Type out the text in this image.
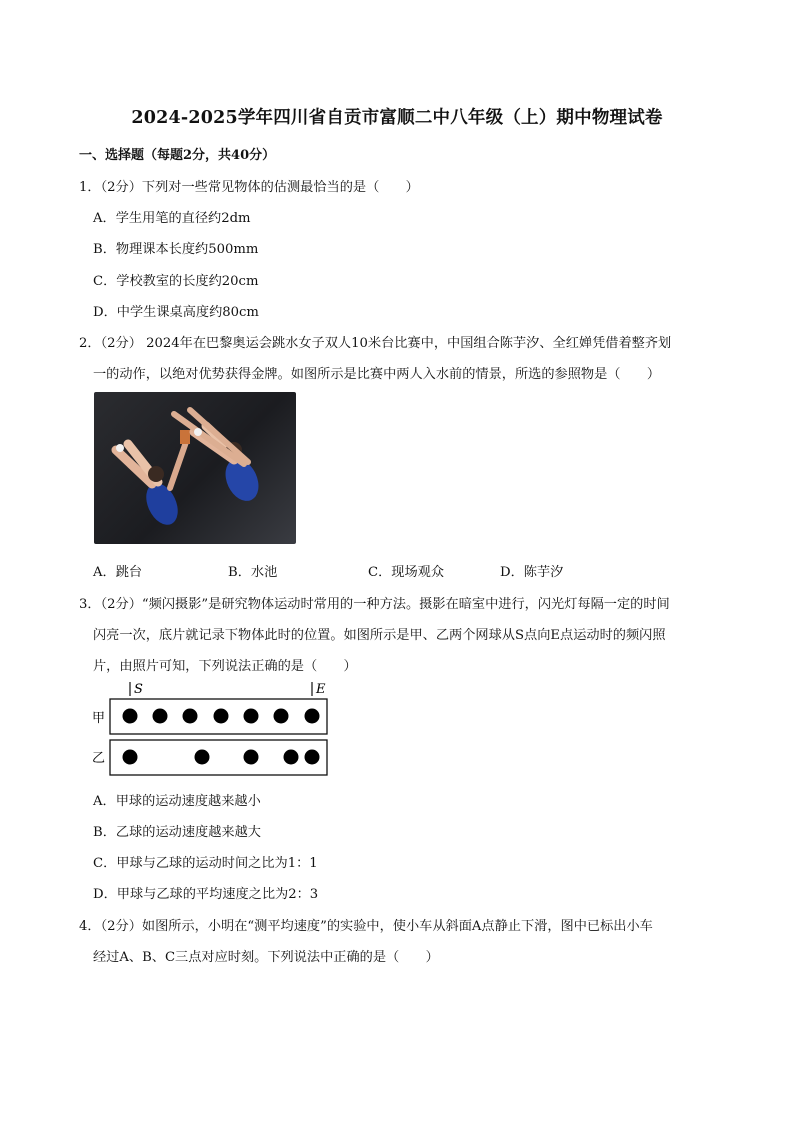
2024-2025学年四川省自贡市富顺二中八年级（上）期中物理试卷
一、选择题（每题2分，共40分）
1．（2分）下列对一些常见物体的估测最恰当的是（　　）
A．学生用笔的直径约2dm
B．物理课本长度约500mm
C．学校教室的长度约20cm
D．中学生课桌高度约80cm
2．（2分） 2024年在巴黎奥运会跳水女子双人10米台比赛中，中国组合陈芋汐、全红婵凭借着整齐划
一的动作，以绝对优势获得金牌。如图所示是比赛中两人入水前的情景，所选的参照物是（　　）
A．跳台	B．水池	C．现场观众	D．陈芋汐
3．（2分）“频闪摄影”是研究物体运动时常用的一种方法。摄影在暗室中进行，闪光灯每隔一定的时间
闪亮一次，底片就记录下物体此时的位置。如图所示是甲、乙两个网球从S点向E点运动时的频闪照
片，由照片可知，下列说法正确的是（　　）
S	E
甲
乙
A．甲球的运动速度越来越小
B．乙球的运动速度越来越大
C．甲球与乙球的运动时间之比为1：1
D．甲球与乙球的平均速度之比为2：3
4．（2分）如图所示，小明在“测平均速度”的实验中，使小车从斜面A点静止下滑，图中已标出小车
经过A、B、C三点对应时刻。下列说法中正确的是（　　）
